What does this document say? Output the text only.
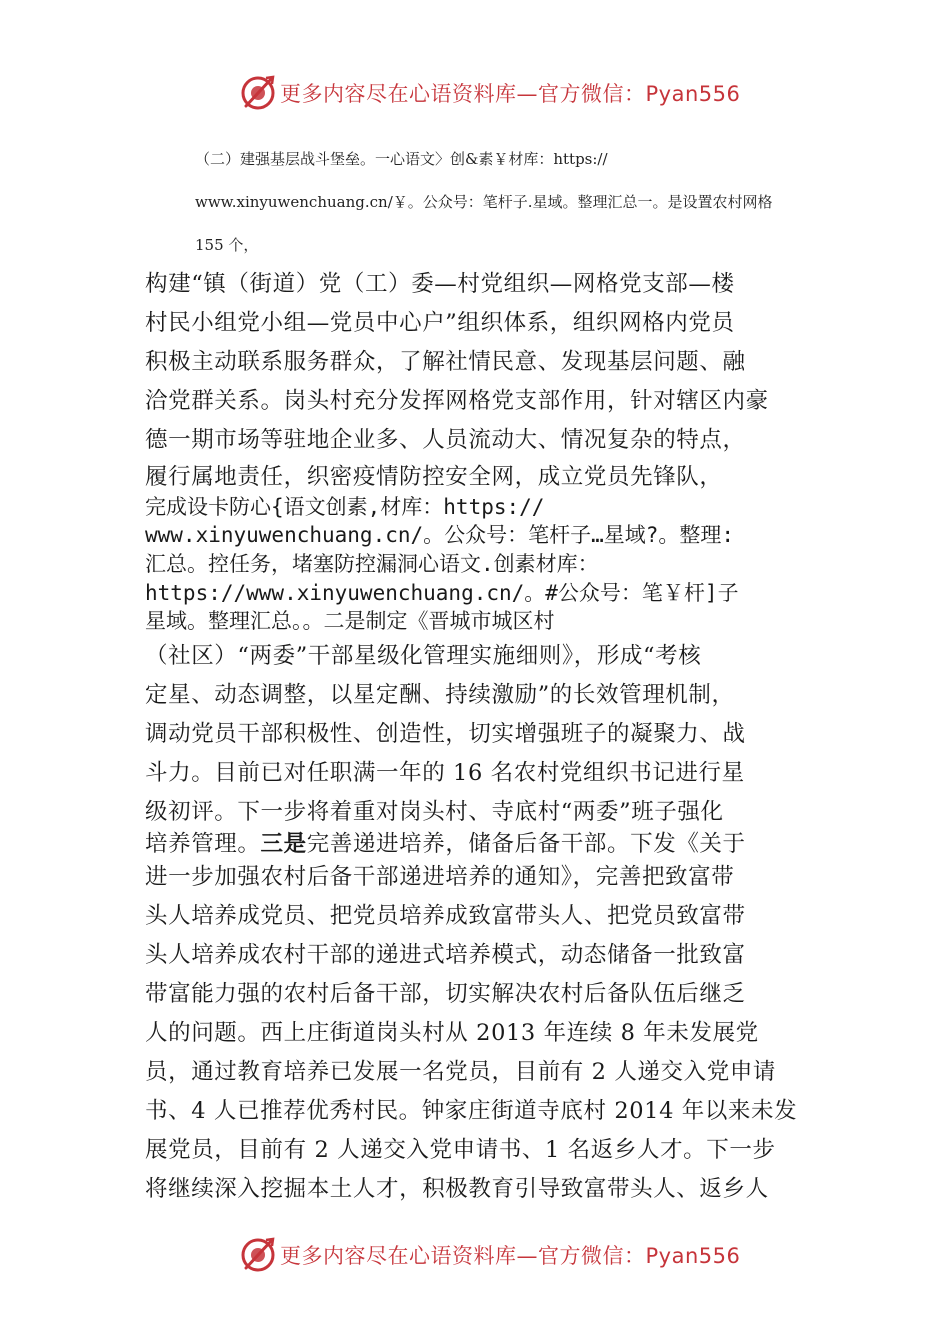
更多内容尽在心语资料库—官方微信：Pyan556
（二）建强基层战斗堡垒。一心语文〉创&素￥材库：https://
www.xinyuwenchuang.cn/￥。公众号：笔杆子.星域。整理汇总一。是设置农村网格
155 个，
构建“镇（街道）党（工）委—村党组织—网格党支部—楼
村民小组党小组—党员中心户”组织体系，组织网格内党员
积极主动联系服务群众，了解社情民意、发现基层问题、融
洽党群关系。岗头村充分发挥网格党支部作用，针对辖区内豪
德一期市场等驻地企业多、人员流动大、情况复杂的特点，
履行属地责任，织密疫情防控安全网，成立党员先锋队，
完成设卡防心{语文创素,材库：https://
www.xinyuwenchuang.cn/。公众号：笔杆子…星域?。整理:
汇总。控任务，堵塞防控漏洞心语文.创素材库：
https://www.xinyuwenchuang.cn/。#公众号：笔￥杆]子
星域。整理汇总。。二是制定《晋城市城区村
（社区）“两委”干部星级化管理实施细则》，形成“考核
定星、动态调整，以星定酬、持续激励”的长效管理机制，
调动党员干部积极性、创造性，切实增强班子的凝聚力、战
斗力。目前已对任职满一年的 16 名农村党组织书记进行星
级初评。下一步将着重对岗头村、寺底村“两委”班子强化
培养管理。三是完善递进培养，储备后备干部。下发《关于
进一步加强农村后备干部递进培养的通知》，完善把致富带
头人培养成党员、把党员培养成致富带头人、把党员致富带
头人培养成农村干部的递进式培养模式，动态储备一批致富
带富能力强的农村后备干部，切实解决农村后备队伍后继乏
人的问题。西上庄街道岗头村从 2013 年连续 8 年未发展党
员，通过教育培养已发展一名党员，目前有 2 人递交入党申请
书、4 人已推荐优秀村民。钟家庄街道寺底村 2014 年以来未发
展党员，目前有 2 人递交入党申请书、1 名返乡人才。下一步
将继续深入挖掘本土人才，积极教育引导致富带头人、返乡人
更多内容尽在心语资料库—官方微信：Pyan556
